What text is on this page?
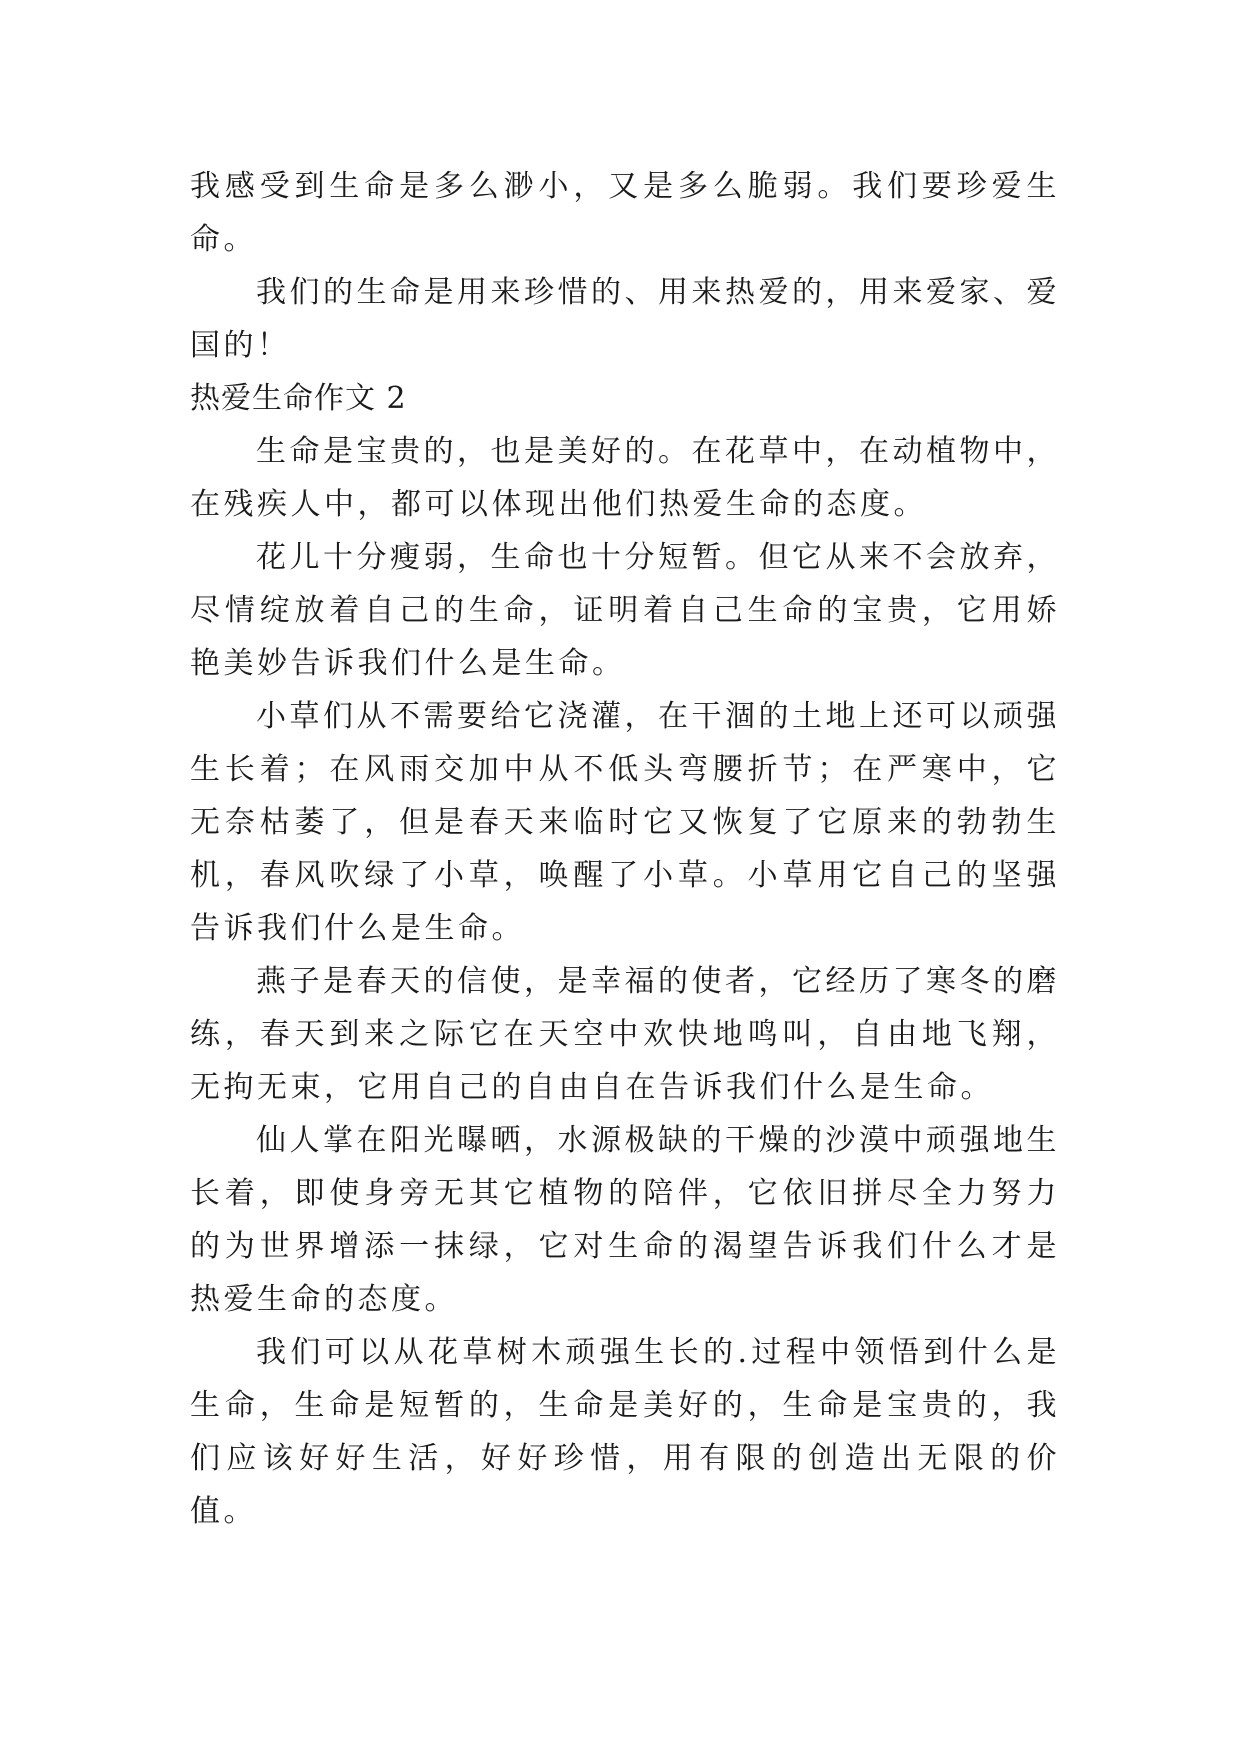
我感受到生命是多么渺小，又是多么脆弱。我们要珍爱生命。

我们的生命是用来珍惜的、用来热爱的，用来爱家、爱国的！

热爱生命作文 2

生命是宝贵的，也是美好的。在花草中，在动植物中，在残疾人中，都可以体现出他们热爱生命的态度。

花儿十分瘦弱，生命也十分短暂。但它从来不会放弃，尽情绽放着自己的生命，证明着自己生命的宝贵，它用娇艳美妙告诉我们什么是生命。

小草们从不需要给它浇灌，在干涸的土地上还可以顽强生长着；在风雨交加中从不低头弯腰折节；在严寒中，它无奈枯萎了，但是春天来临时它又恢复了它原来的勃勃生机，春风吹绿了小草，唤醒了小草。小草用它自己的坚强告诉我们什么是生命。

燕子是春天的信使，是幸福的使者，它经历了寒冬的磨练，春天到来之际它在天空中欢快地鸣叫，自由地飞翔，无拘无束，它用自己的自由自在告诉我们什么是生命。

仙人掌在阳光曝晒，水源极缺的干燥的沙漠中顽强地生长着，即使身旁无其它植物的陪伴，它依旧拼尽全力努力的为世界增添一抹绿，它对生命的渴望告诉我们什么才是热爱生命的态度。

我们可以从花草树木顽强生长的.过程中领悟到什么是生命，生命是短暂的，生命是美好的，生命是宝贵的，我们应该好好生活，好好珍惜，用有限的创造出无限的价值。
